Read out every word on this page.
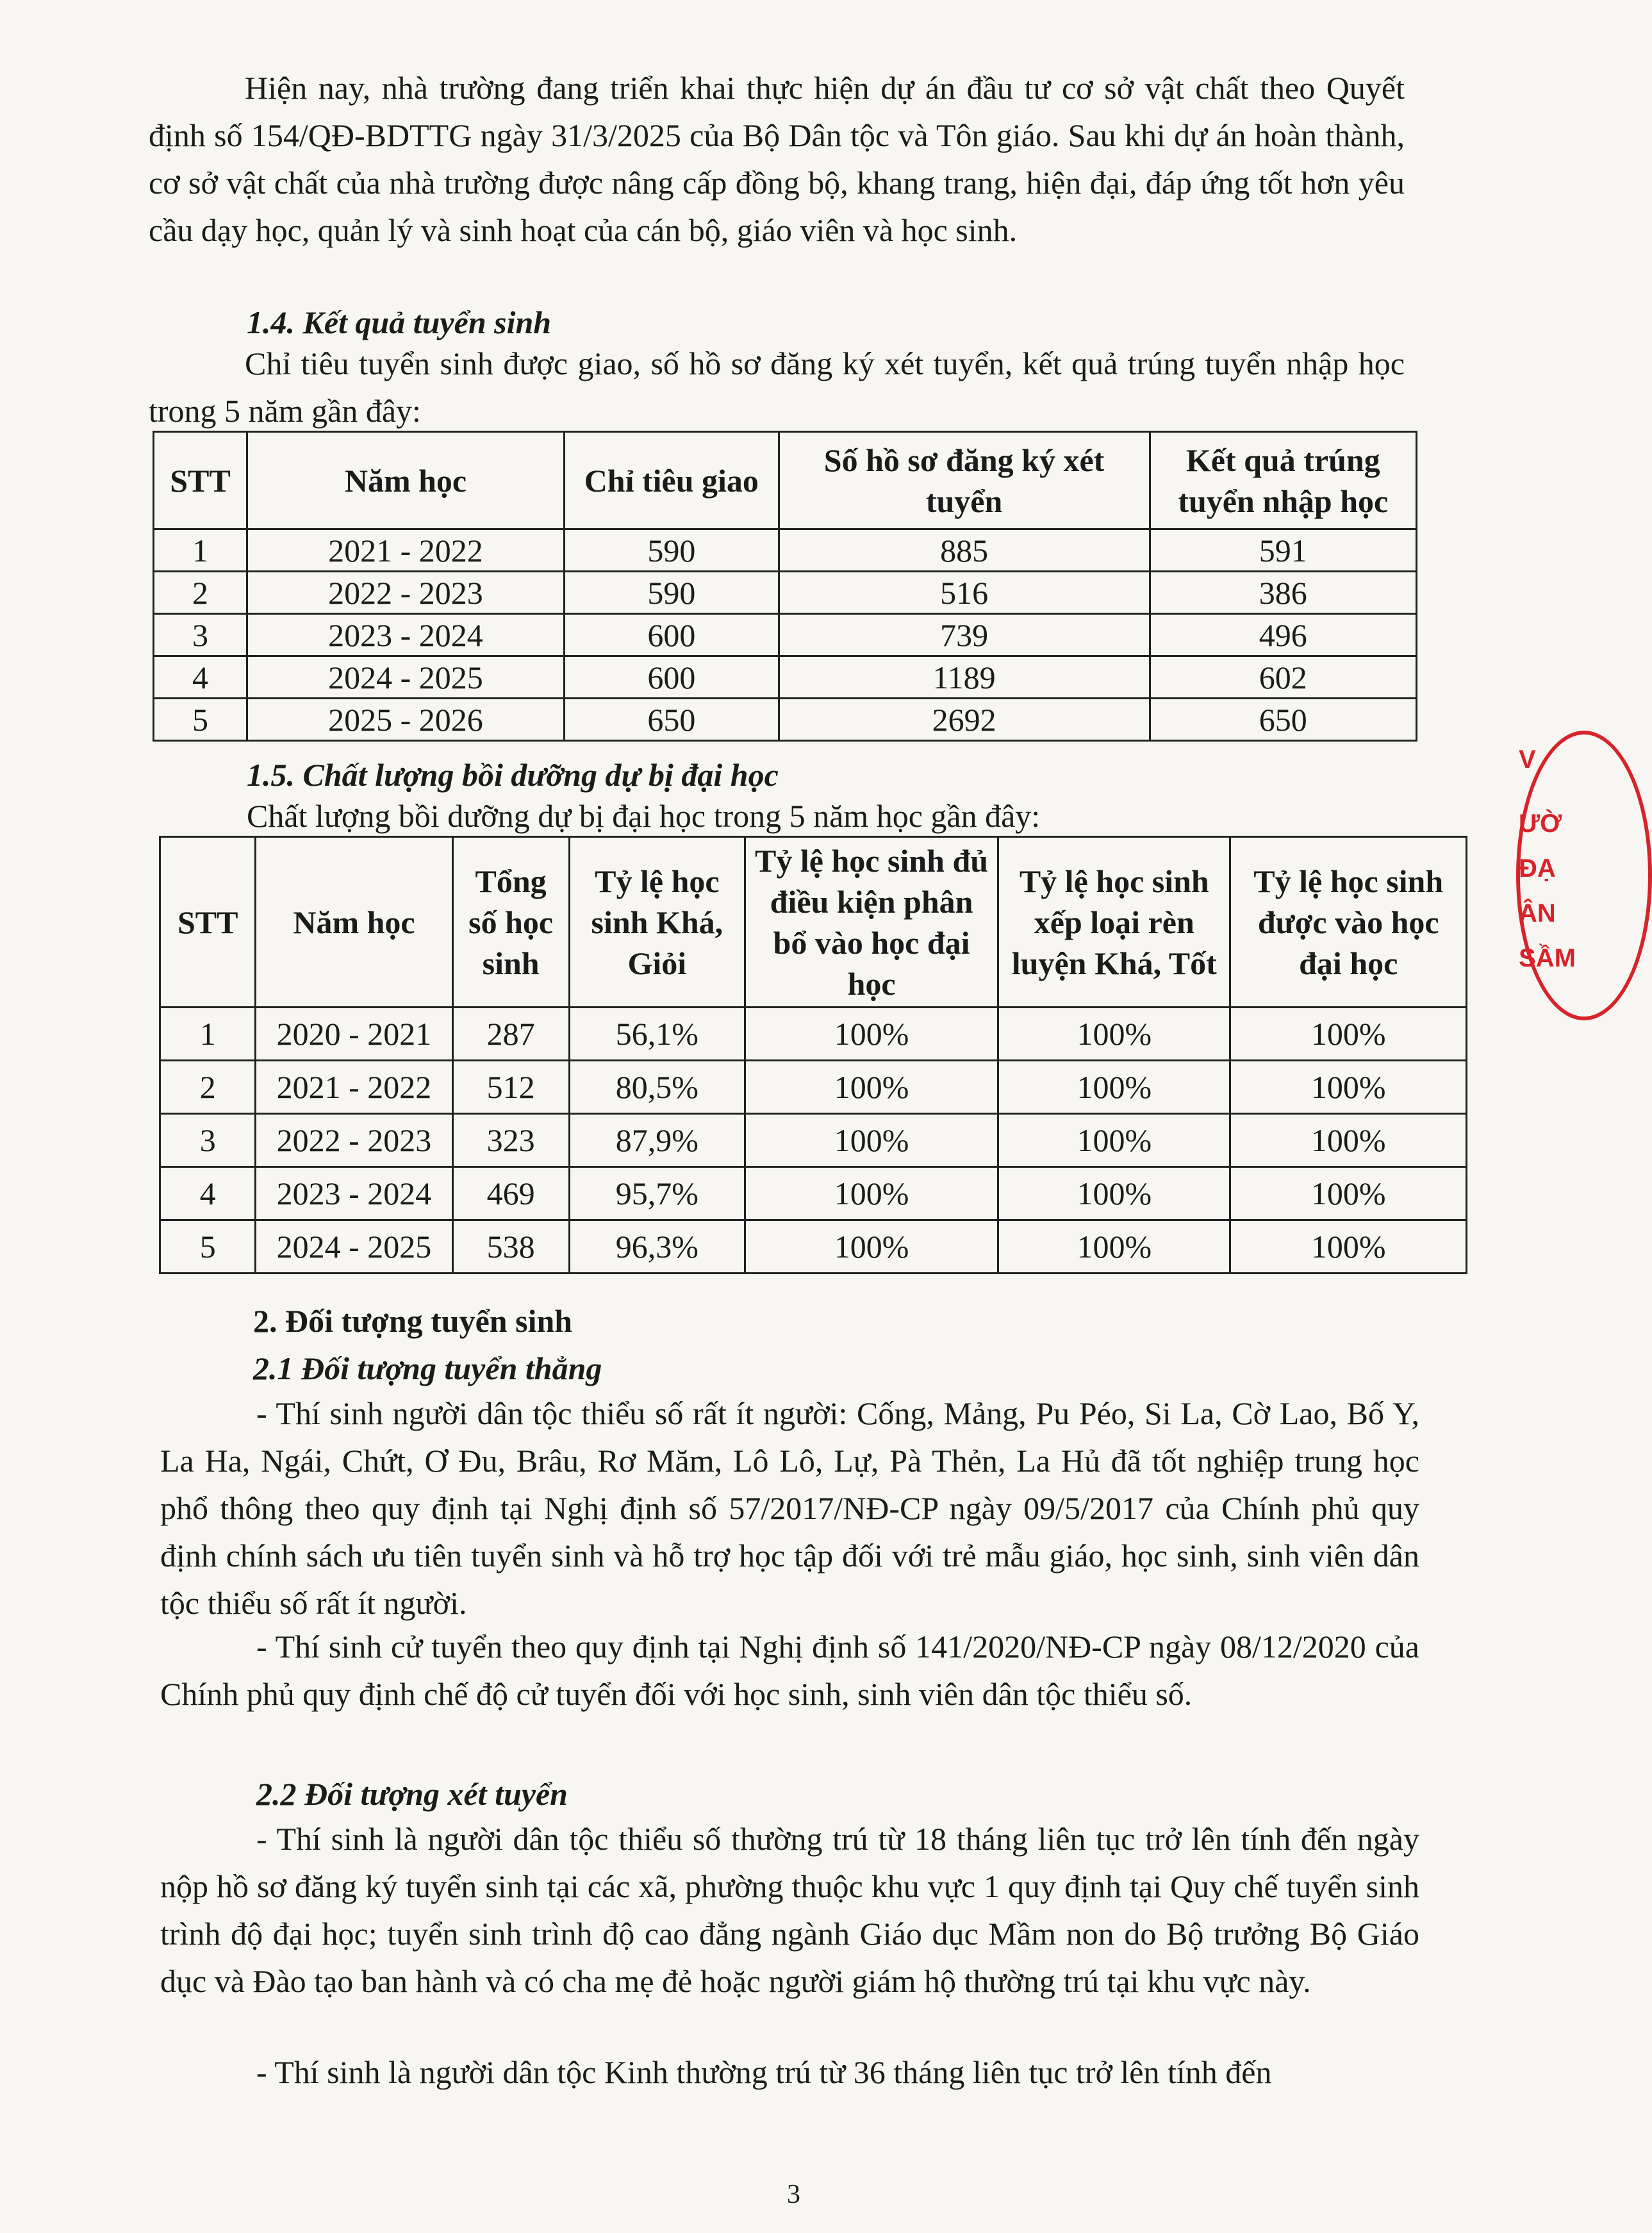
Hiện nay, nhà trường đang triển khai thực hiện dự án đầu tư cơ sở vật chất theo Quyết định số 154/QĐ-BDTTG ngày 31/3/2025 của Bộ Dân tộc và Tôn giáo. Sau khi dự án hoàn thành, cơ sở vật chất của nhà trường được nâng cấp đồng bộ, khang trang, hiện đại, đáp ứng tốt hơn yêu cầu dạy học, quản lý và sinh hoạt của cán bộ, giáo viên và học sinh.
1.4. Kết quả tuyển sinh
Chỉ tiêu tuyển sinh được giao, số hồ sơ đăng ký xét tuyển, kết quả trúng tuyển nhập học trong 5 năm gần đây:
STT	Năm học	Chỉ tiêu giao	Số hồ sơ đăng ký xét tuyển	Kết quả trúng tuyển nhập học
1	2021 - 2022	590	885	591
2	2022 - 2023	590	516	386
3	2023 - 2024	600	739	496
4	2024 - 2025	600	1189	602
5	2025 - 2026	650	2692	650
1.5. Chất lượng bồi dưỡng dự bị đại học
Chất lượng bồi dưỡng dự bị đại học trong 5 năm học gần đây:
STT	Năm học	Tổng số học sinh	Tỷ lệ học sinh Khá, Giỏi	Tỷ lệ học sinh đủ điều kiện phân bổ vào học đại học	Tỷ lệ học sinh xếp loại rèn luyện Khá, Tốt	Tỷ lệ học sinh được vào học đại học
1	2020 - 2021	287	56,1%	100%	100%	100%
2	2021 - 2022	512	80,5%	100%	100%	100%
3	2022 - 2023	323	87,9%	100%	100%	100%
4	2023 - 2024	469	95,7%	100%	100%	100%
5	2024 - 2025	538	96,3%	100%	100%	100%
2. Đối tượng tuyển sinh
2.1 Đối tượng tuyển thẳng
- Thí sinh người dân tộc thiểu số rất ít người: Cống, Mảng, Pu Péo, Si La, Cờ Lao, Bố Y, La Ha, Ngái, Chứt, Ơ Đu, Brâu, Rơ Măm, Lô Lô, Lự, Pà Thẻn, La Hủ đã tốt nghiệp trung học phổ thông theo quy định tại Nghị định số 57/2017/NĐ-CP ngày 09/5/2017 của Chính phủ quy định chính sách ưu tiên tuyển sinh và hỗ trợ học tập đối với trẻ mẫu giáo, học sinh, sinh viên dân tộc thiểu số rất ít người.
- Thí sinh cử tuyển theo quy định tại Nghị định số 141/2020/NĐ-CP ngày 08/12/2020 của Chính phủ quy định chế độ cử tuyển đối với học sinh, sinh viên dân tộc thiểu số.
2.2 Đối tượng xét tuyển
- Thí sinh là người dân tộc thiểu số thường trú từ 18 tháng liên tục trở lên tính đến ngày nộp hồ sơ đăng ký tuyển sinh tại các xã, phường thuộc khu vực 1 quy định tại Quy chế tuyển sinh trình độ đại học; tuyển sinh trình độ cao đẳng ngành Giáo dục Mầm non do Bộ trưởng Bộ Giáo dục và Đào tạo ban hành và có cha mẹ đẻ hoặc người giám hộ thường trú tại khu vực này.
- Thí sinh là người dân tộc Kinh thường trú từ 36 tháng liên tục trở lên tính đến
3
V
ƯỜ
ĐẠ
ÂN
SẦM
